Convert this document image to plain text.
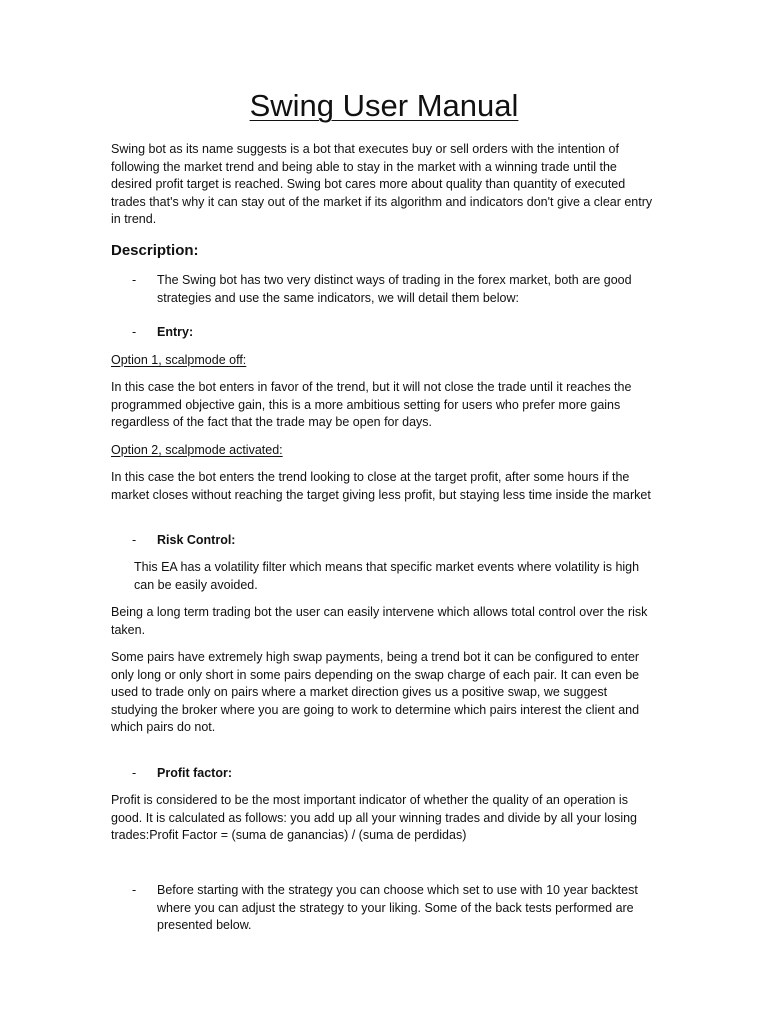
Swing User Manual

Swing bot as its name suggests is a bot that executes buy or sell orders with the intention of following the market trend and being able to stay in the market with a winning trade until the desired profit target is reached. Swing bot cares more about quality than quantity of executed trades that's why it can stay out of the market if its algorithm and indicators don't give a clear entry in trend.

Description:
-	The Swing bot has two very distinct ways of trading in the forex market, both are good strategies and use the same indicators, we will detail them below:
-	Entry:

Option 1, scalpmode off:

In this case the bot enters in favor of the trend, but it will not close the trade until it reaches the programmed objective gain, this is a more ambitious setting for users who prefer more gains regardless of the fact that the trade may be open for days.

Option 2, scalpmode activated:

In this case the bot enters the trend looking to close at the target profit, after some hours if the market closes without reaching the target giving less profit, but staying less time inside the market

-	Risk Control:

This EA has a volatility filter which means that specific market events where volatility is high can be easily avoided.

Being a long term trading bot the user can easily intervene which allows total control over the risk taken.

Some pairs have extremely high swap payments, being a trend bot it can be configured to enter only long or only short in some pairs depending on the swap charge of each pair. It can even be used to trade only on pairs where a market direction gives us a positive swap, we suggest studying the broker where you are going to work to determine which pairs interest the client and which pairs do not.

-	Profit factor:

Profit is considered to be the most important indicator of whether the quality of an operation is good. It is calculated as follows: you add up all your winning trades and divide by all your losing trades:Profit Factor = (suma de ganancias) / (suma de perdidas)

-	Before starting with the strategy you can choose which set to use with 10 year backtest where you can adjust the strategy to your liking. Some of the back tests performed are presented below.
